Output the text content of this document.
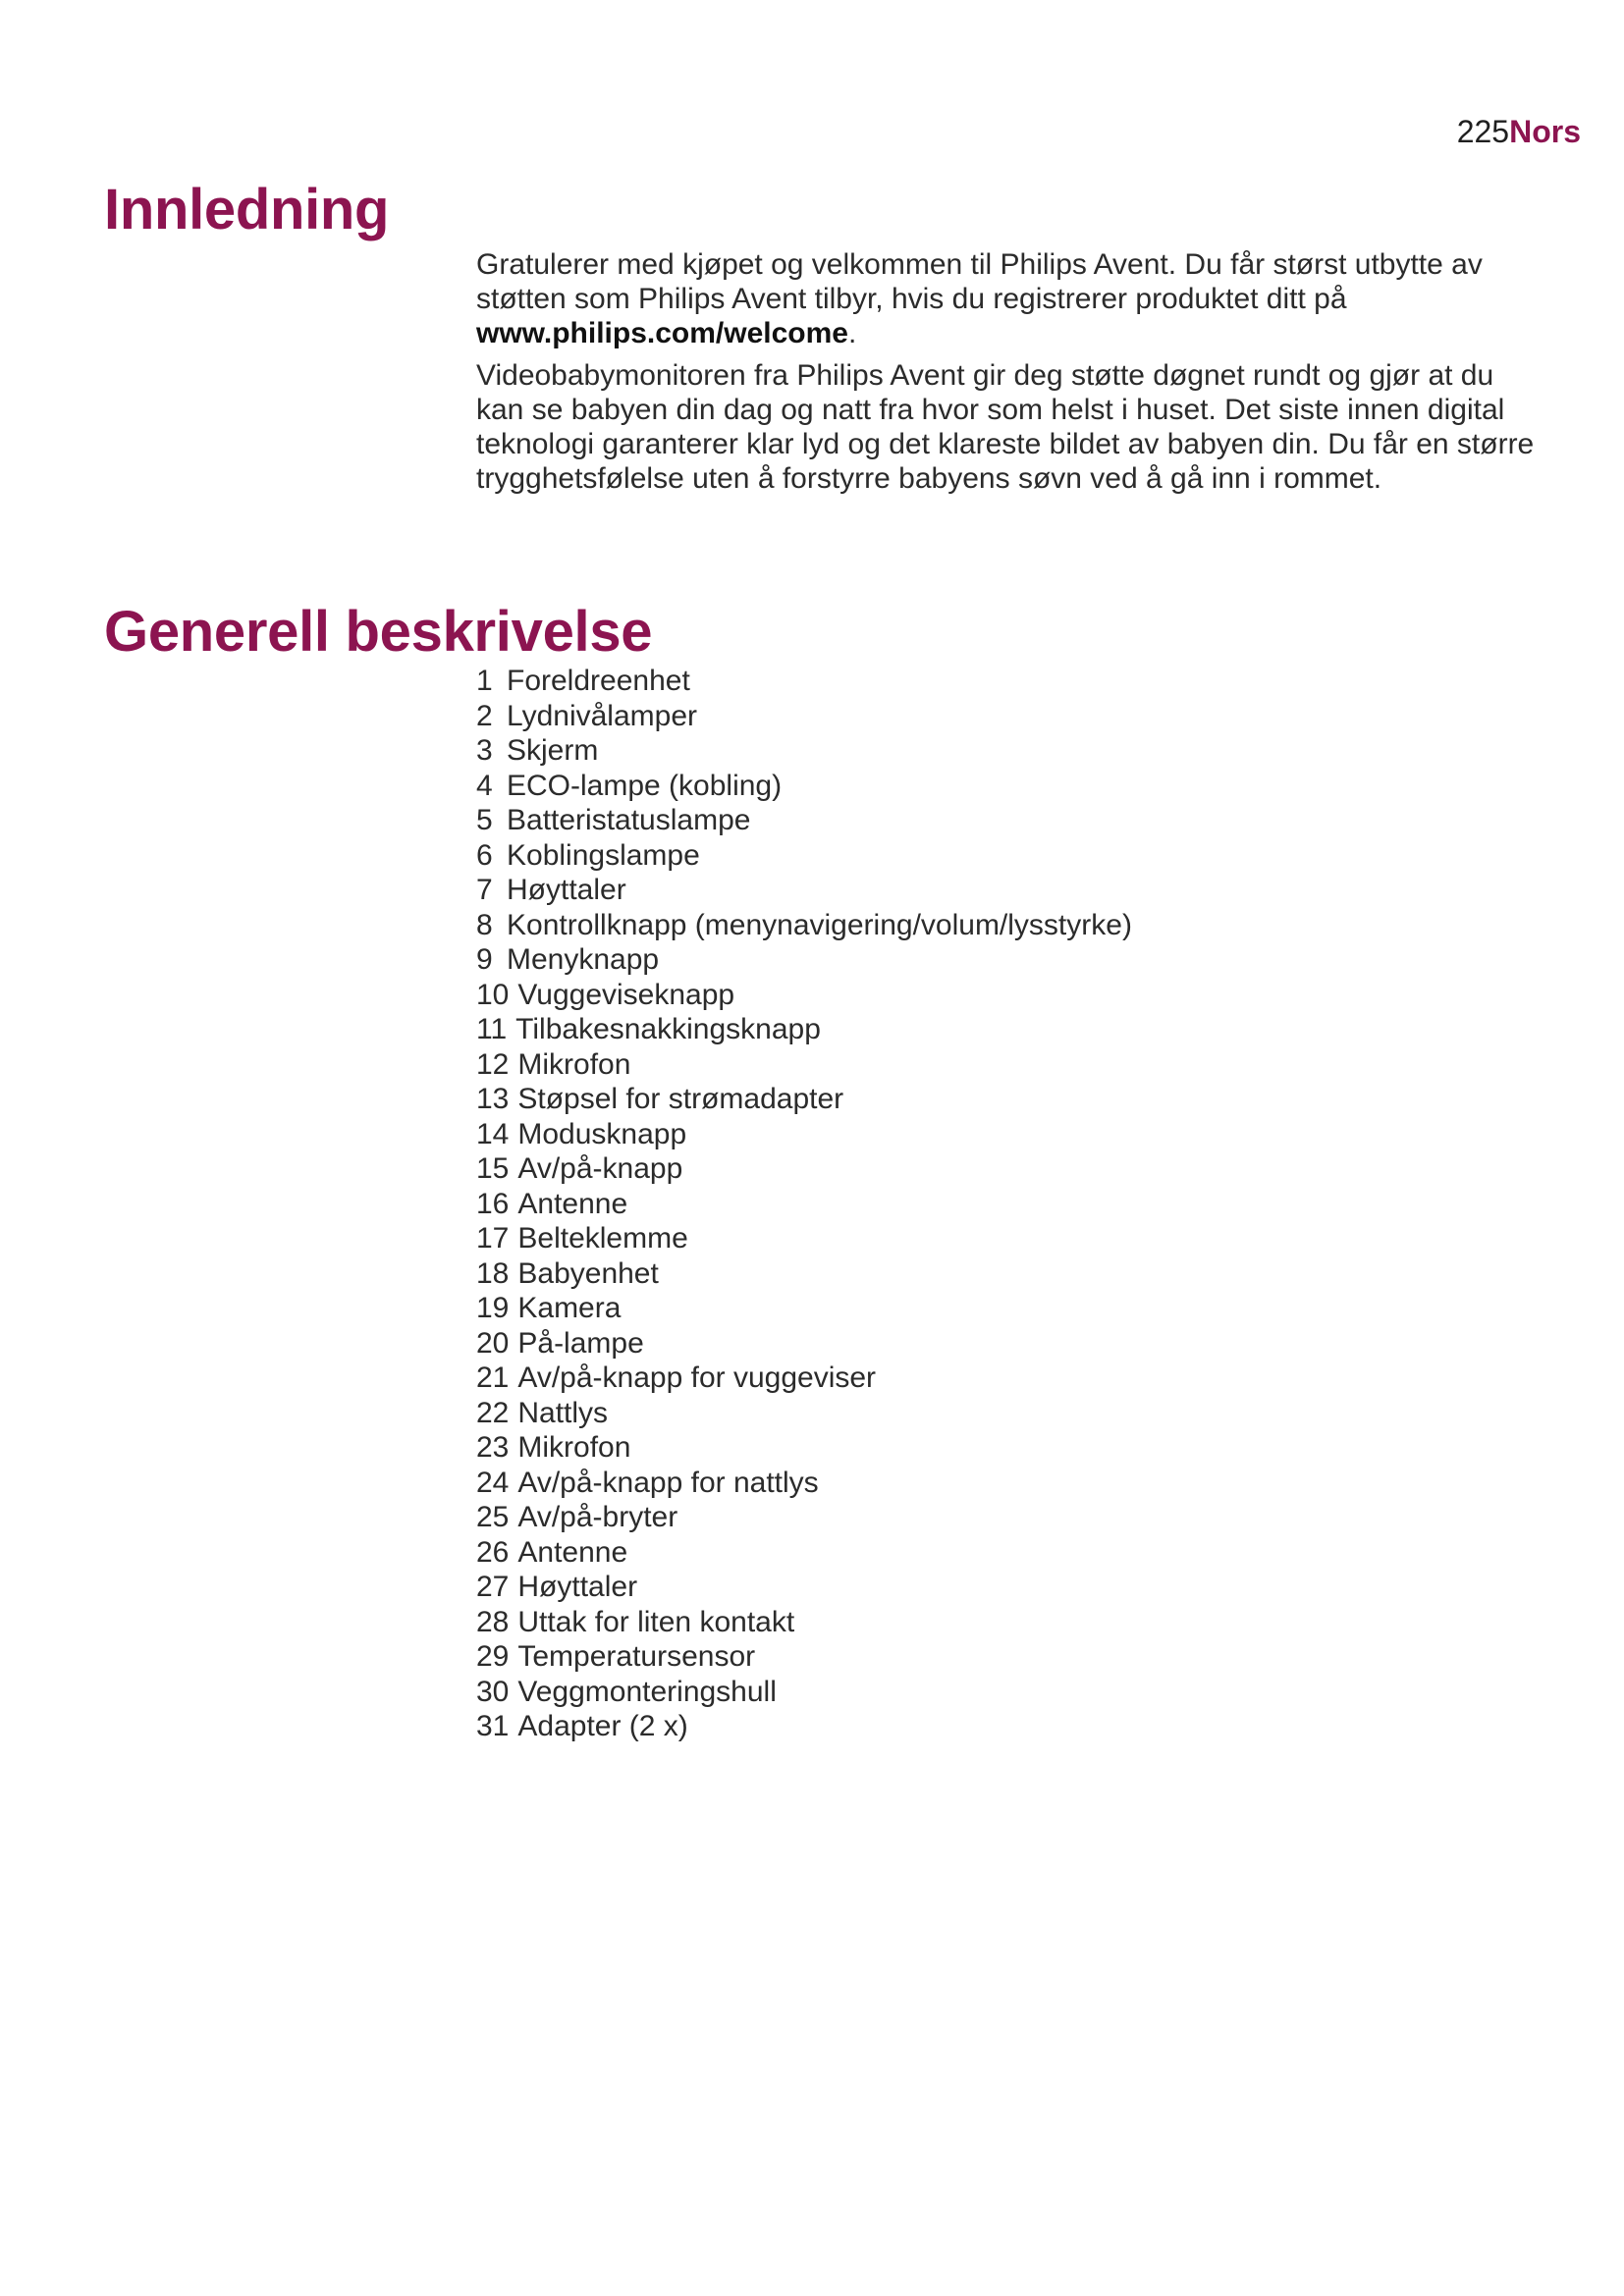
225Nors
Innledning

Gratulerer med kjøpet og velkommen til Philips Avent. Du får størst utbytte av støtten som Philips Avent tilbyr, hvis du registrerer produktet ditt på
www.philips.com/welcome.

Videobabymonitoren fra Philips Avent gir deg støtte døgnet rundt og gjør at du kan se babyen din dag og natt fra hvor som helst i huset. Det siste innen digital teknologi garanterer klar lyd og det klareste bildet av babyen din. Du får en større trygghetsfølelse uten å forstyrre babyens søvn ved å gå inn i rommet.

Generell beskrivelse
1 Foreldreenhet
2 Lydnivålamper
3 Skjerm
4 ECO-lampe (kobling)
5 Batteristatuslampe
6 Koblingslampe
7 Høyttaler
8 Kontrollknapp (menynavigering/volum/lysstyrke)
9 Menyknapp
10 Vuggeviseknapp
11 Tilbakesnakkingsknapp
12 Mikrofon
13 Støpsel for strømadapter
14 Modusknapp
15 Av/på-knapp
16 Antenne
17 Belteklemme
18 Babyenhet
19 Kamera
20 På-lampe
21 Av/på-knapp for vuggeviser
22 Nattlys
23 Mikrofon
24 Av/på-knapp for nattlys
25 Av/på-bryter
26 Antenne
27 Høyttaler
28 Uttak for liten kontakt
29 Temperatursensor
30 Veggmonteringshull
31 Adapter (2 x)
